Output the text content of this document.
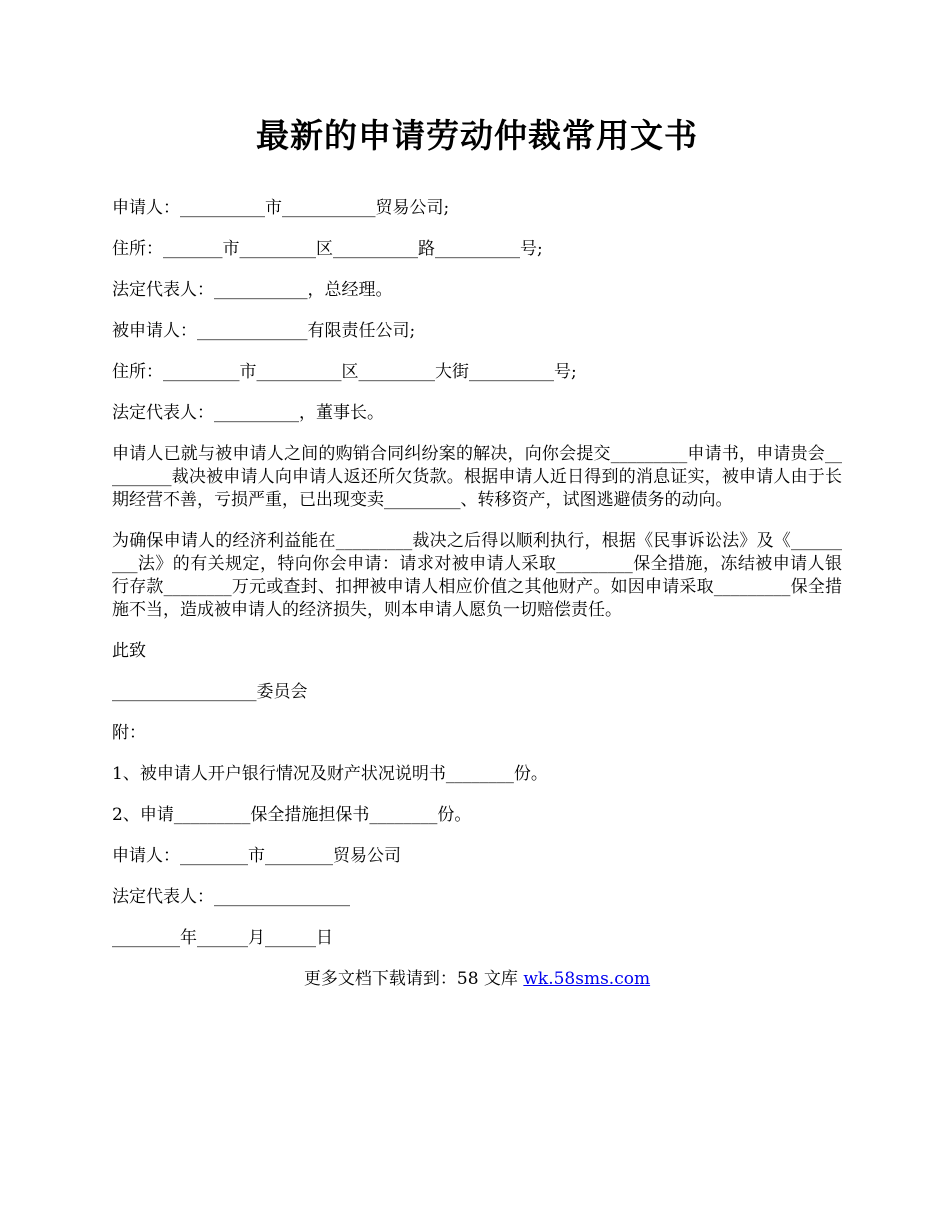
最新的申请劳动仲裁常用文书

申请人：__________市___________贸易公司;

住所：_______市_________区__________路__________号;

法定代表人：___________，总经理。

被申请人：_____________有限责任公司;

住所：_________市__________区_________大街__________号;

法定代表人：__________，董事长。

申请人已就与被申请人之间的购销合同纠纷案的解决，向你会提交_________申请书，申请贵会_________裁决被申请人向申请人返还所欠货款。根据申请人近日得到的消息证实，被申请人由于长期经营不善，亏损严重，已出现变卖_________、转移资产，试图逃避债务的动向。

为确保申请人的经济利益能在_________裁决之后得以顺利执行，根据《民事诉讼法》及《_________法》的有关规定，特向你会申请：请求对被申请人采取_________保全措施，冻结被申请人银行存款________万元或查封、扣押被申请人相应价值之其他财产。如因申请采取_________保全措施不当，造成被申请人的经济损失，则本申请人愿负一切赔偿责任。

此致

_________________委员会

附：

1、被申请人开户银行情况及财产状况说明书________份。

2、申请_________保全措施担保书________份。

申请人：________市________贸易公司

法定代表人：________________

________年______月______日

更多文档下载请到：58 文库 wk.58sms.com
